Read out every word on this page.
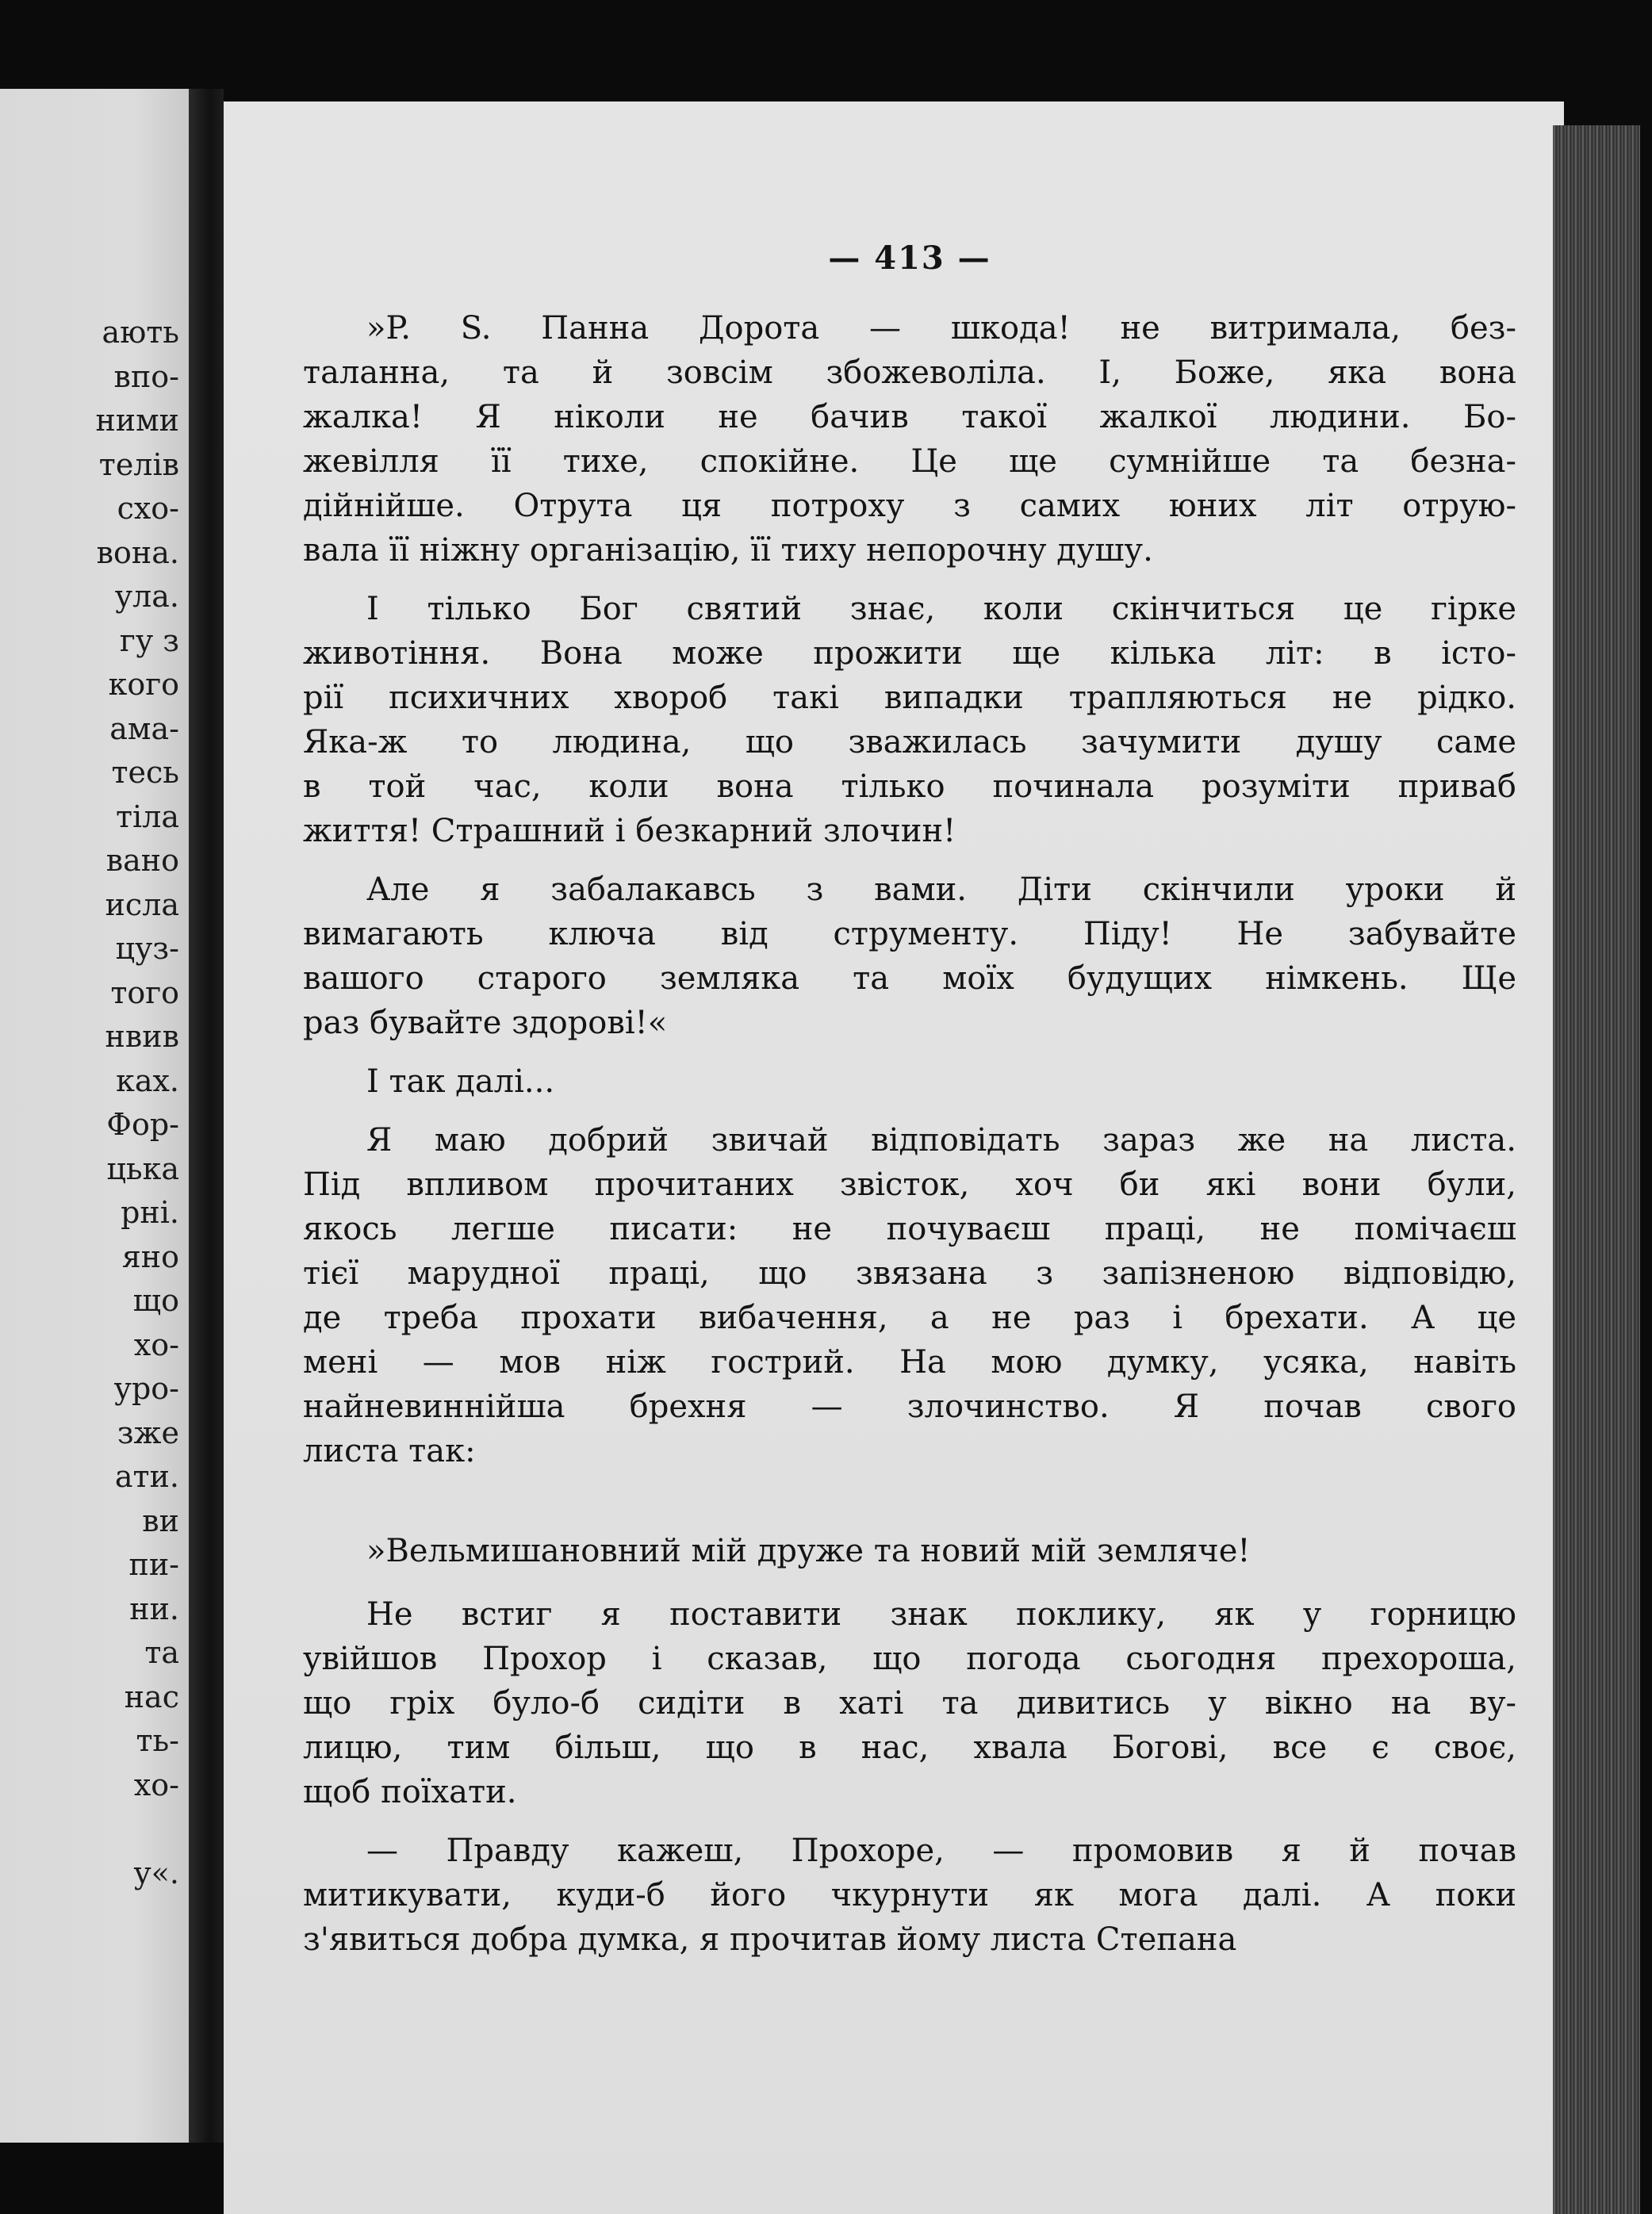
ають
впо-
ними
телів
схо-
вона.
ула.
гу з
кого
ама-
тесь
тіла
вано
исла
цуз-
того
нвив
ках.
Фор-
цька
рні.
яно
що
хо-
уро-
зже
ати.
ви
пи-
ни.
та
нас
ть-
хо-
у«.
— 413 —
»P. S. Панна Дорота — шкода! не витримала, без-
таланна, та й зовсім збожеволіла. І, Боже, яка вона
жалка! Я ніколи не бачив такої жалкої людини. Бо-
жевілля її тихе, спокійне. Це ще сумнійше та безна-
дійнійше. Отрута ця потроху з самих юних літ отрую-
вала її ніжну організацію, її тиху непорочну душу.
І тілько Бог святий знає, коли скінчиться це гірке
животіння. Вона може прожити ще кілька літ: в істо-
рії психичних хвороб такі випадки трапляються не рідко.
Яка-ж то людина, що зважилась зачумити душу саме
в той час, коли вона тілько починала розуміти приваб
життя! Страшний і безкарний злочин!
Але я забалакавсь з вами. Діти скінчили уроки й
вимагають ключа від струменту. Піду! Не забувайте
вашого старого земляка та моїх будущих німкень. Ще
раз бувайте здорові!«
І так далі...
Я маю добрий звичай відповідать зараз же на листа.
Під впливом прочитаних звісток, хоч би які вони були,
якось легше писати: не почуваєш праці, не помічаєш
тієї марудної праці, що звязана з запізненою відповідю,
де треба прохати вибачення, а не раз і брехати. А це
мені — мов ніж гострий. На мою думку, усяка, навіть
найневиннійша брехня — злочинство. Я почав свого
листа так:
»Вельмишановний мій друже та новий мій земляче!
Не встиг я поставити знак поклику, як у горницю
увійшов Прохор і сказав, що погода сьогодня прехороша,
що гріх було-б сидіти в хаті та дивитись у вікно на ву-
лицю, тим більш, що в нас, хвала Богові, все є своє,
щоб поїхати.
— Правду кажеш, Прохоре, — промовив я й почав
митикувати, куди-б його чкурнути як мога далі. А поки
з'явиться добра думка, я прочитав йому листа Степана
